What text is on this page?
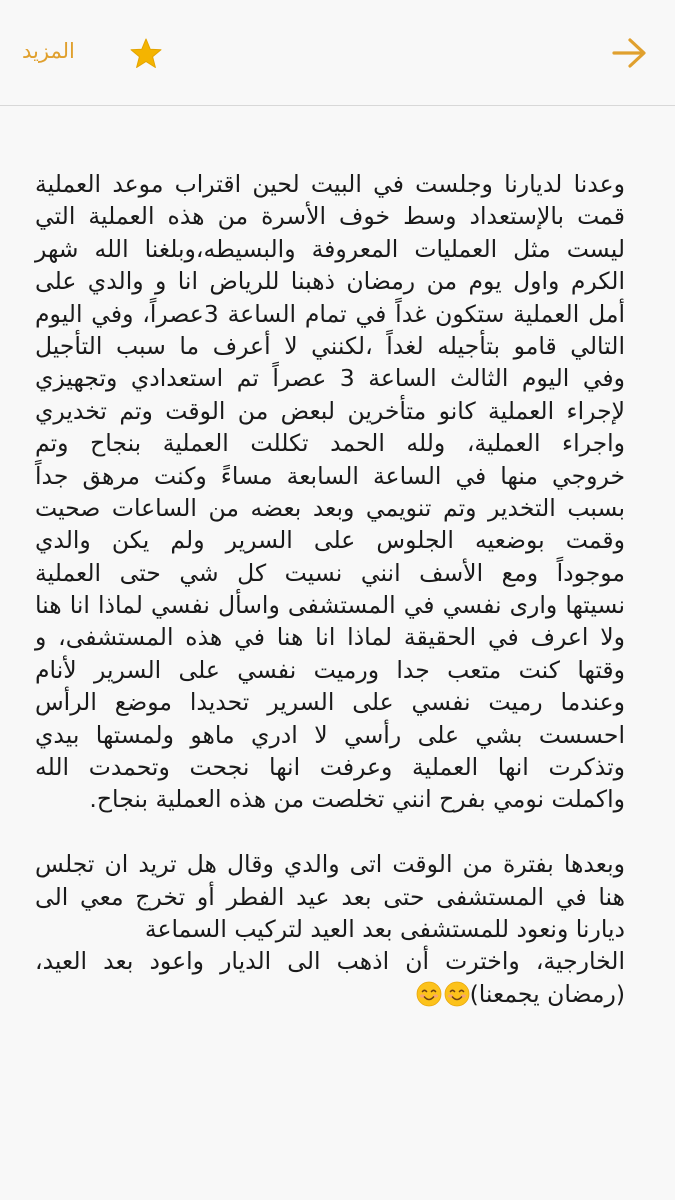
المزيد
وعدنا لديارنا وجلست في البيت لحين اقتراب موعد العملية
قمت بالإستعداد وسط خوف الأسرة من هذه العملية التي
ليست مثل العمليات المعروفة والبسيطه،وبلغنا الله شهر
الكرم واول يوم من رمضان ذهبنا للرياض انا و والدي على
أمل العملية ستكون غداً في تمام الساعة 3عصراً، وفي اليوم
التالي قامو بتأجيله لغداً ،لكنني لا أعرف ما سبب التأجيل
وفي اليوم الثالث الساعة 3 عصراً تم استعدادي وتجهيزي
لإجراء العملية كانو متأخرين لبعض من الوقت وتم تخديري
واجراء العملية، ولله الحمد تكللت العملية بنجاح وتم
خروجي منها في الساعة السابعة مساءً وكنت مرهق جداً
بسبب التخدير وتم تنويمي وبعد بعضه من الساعات صحيت
وقمت بوضعيه الجلوس على السرير ولم يكن والدي
موجوداً ومع الأسف انني نسيت كل شي حتى العملية
نسيتها وارى نفسي في المستشفى واسأل نفسي لماذا انا هنا
ولا اعرف في الحقيقة لماذا انا هنا في هذه المستشفى، و
وقتها كنت متعب جدا ورميت نفسي على السرير لأنام
وعندما رميت نفسي على السرير تحديدا موضع الرأس
احسست بشي على رأسي لا ادري ماهو ولمستها بيدي
وتذكرت انها العملية وعرفت انها نجحت وتحمدت الله
واكملت نومي بفرح انني تخلصت من هذه العملية بنجاح.
وبعدها بفترة من الوقت اتى والدي وقال هل تريد ان تجلس
هنا في المستشفى حتى بعد عيد الفطر أو تخرج معي الى
ديارنا ونعود للمستشفى بعد العيد لتركيب السماعة
الخارجية، واخترت أن اذهب الى الديار واعود بعد العيد،
(رمضان يجمعنا)
